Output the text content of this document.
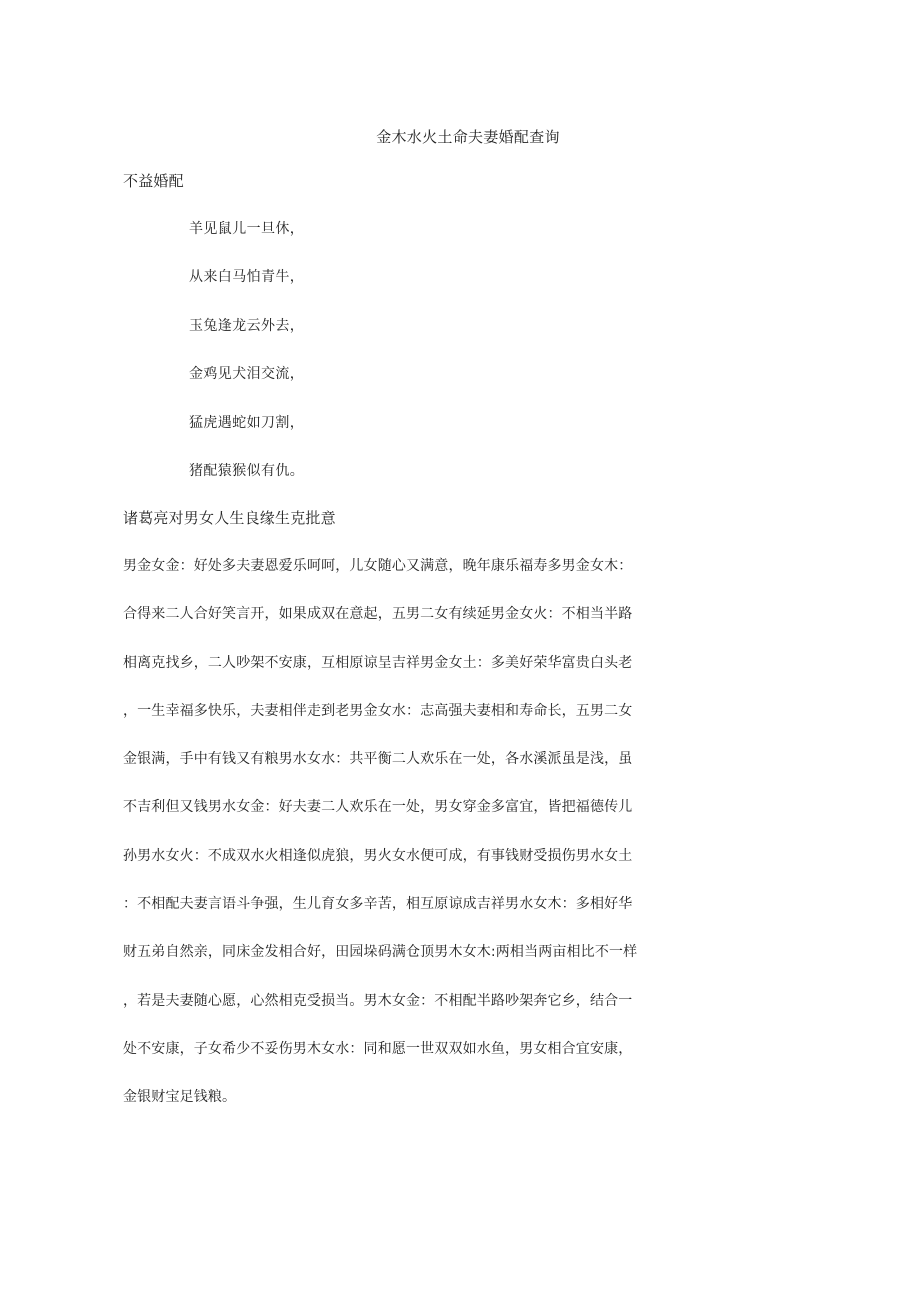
金木水火土命夫妻婚配查询
不益婚配
羊见鼠儿一旦休，
从来白马怕青牛，
玉兔逢龙云外去，
金鸡见犬泪交流，
猛虎遇蛇如刀割，
猪配猿猴似有仇。
诸葛亮对男女人生良缘生克批意
男金女金：好处多夫妻恩爱乐呵呵，儿女随心又满意，晚年康乐福寿多男金女木：
合得来二人合好笑言开，如果成双在意起，五男二女有续延男金女火：不相当半路
相离克找乡，二人吵架不安康，互相原谅呈吉祥男金女土：多美好荣华富贵白头老
，一生幸福多快乐，夫妻相伴走到老男金女水：志高强夫妻相和寿命长，五男二女
金银满，手中有钱又有粮男水女水：共平衡二人欢乐在一处，各水溪派虽是浅，虽
不吉利但又钱男水女金：好夫妻二人欢乐在一处，男女穿金多富宜，皆把福德传儿
孙男水女火：不成双水火相逢似虎狼，男火女水便可成，有事钱财受损伤男水女土
：不相配夫妻言语斗争强，生儿育女多辛苦，相互原谅成吉祥男水女木：多相好华
财五弟自然亲，同床金发相合好，田园垛码满仓顶男木女木:两相当两亩相比不一样
，若是夫妻随心愿，心然相克受损当。男木女金：不相配半路吵架奔它乡，结合一
处不安康，子女希少不妥伤男木女水：同和愿一世双双如水鱼，男女相合宜安康，
金银财宝足钱粮。
